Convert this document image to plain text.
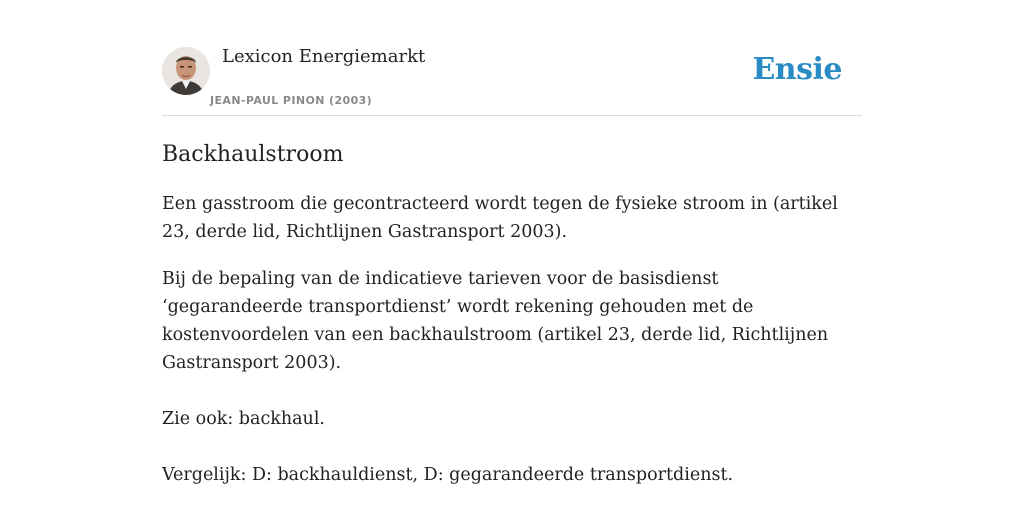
Lexicon Energiemarkt
JEAN-PAUL PINON (2003)
Ensie
Backhaulstroom

Een gasstroom die gecontracteerd wordt tegen de fysieke stroom in (artikel 23, derde lid, Richtlijnen Gastransport 2003).

Bij de bepaling van de indicatieve tarieven voor de basisdienst ‘gegarandeerde transportdienst’ wordt rekening gehouden met de kostenvoordelen van een backhaulstroom (artikel 23, derde lid, Richtlijnen Gastransport 2003).

Zie ook: backhaul.

Vergelijk: D: backhauldienst, D: gegarandeerde transportdienst.
